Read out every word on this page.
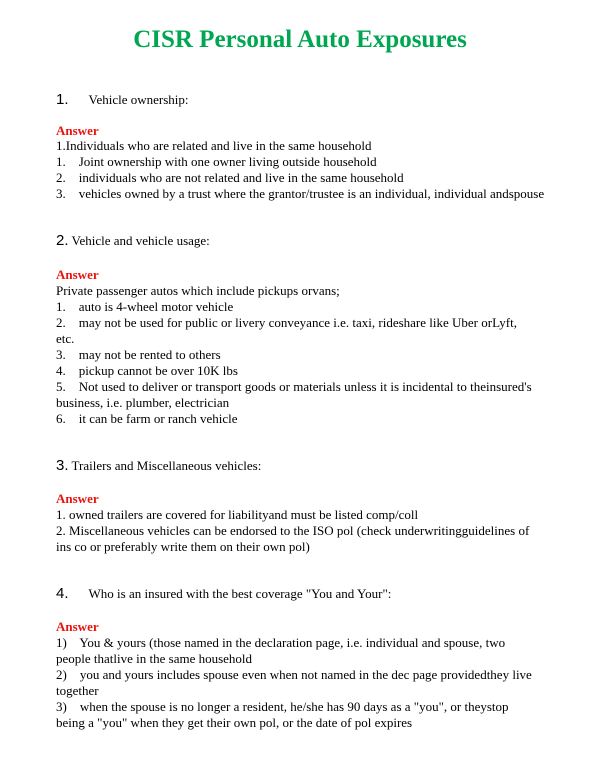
CISR Personal Auto Exposures
1. Vehicle ownership:
Answer
1.Individuals who are related and live in the same household
1.    Joint ownership with one owner living outside household
2.    individuals who are not related and live in the same household
3.    vehicles owned by a trust where the grantor/trustee is an individual, individual andspouse
2. Vehicle and vehicle usage:
Answer
Private passenger autos which include pickups orvans;
1.    auto is 4-wheel motor vehicle
2.    may not be used for public or livery conveyance i.e. taxi, rideshare like Uber orLyft,
etc.
3.    may not be rented to others
4.    pickup cannot be over 10K lbs
5.    Not used to deliver or transport goods or materials unless it is incidental to theinsured's
business, i.e. plumber, electrician
6.    it can be farm or ranch vehicle
3. Trailers and Miscellaneous vehicles:
Answer
1. owned trailers are covered for liabilityand must be listed comp/coll
2. Miscellaneous vehicles can be endorsed to the ISO pol (check underwritingguidelines of
ins co or preferably write them on their own pol)
4. Who is an insured with the best coverage "You and Your":
Answer
1)    You & yours (those named in the declaration page, i.e. individual and spouse, two
people thatlive in the same household
2)    you and yours includes spouse even when not named in the dec page providedthey live
together
3)    when the spouse is no longer a resident, he/she has 90 days as a "you", or theystop
being a "you" when they get their own pol, or the date of pol expires
